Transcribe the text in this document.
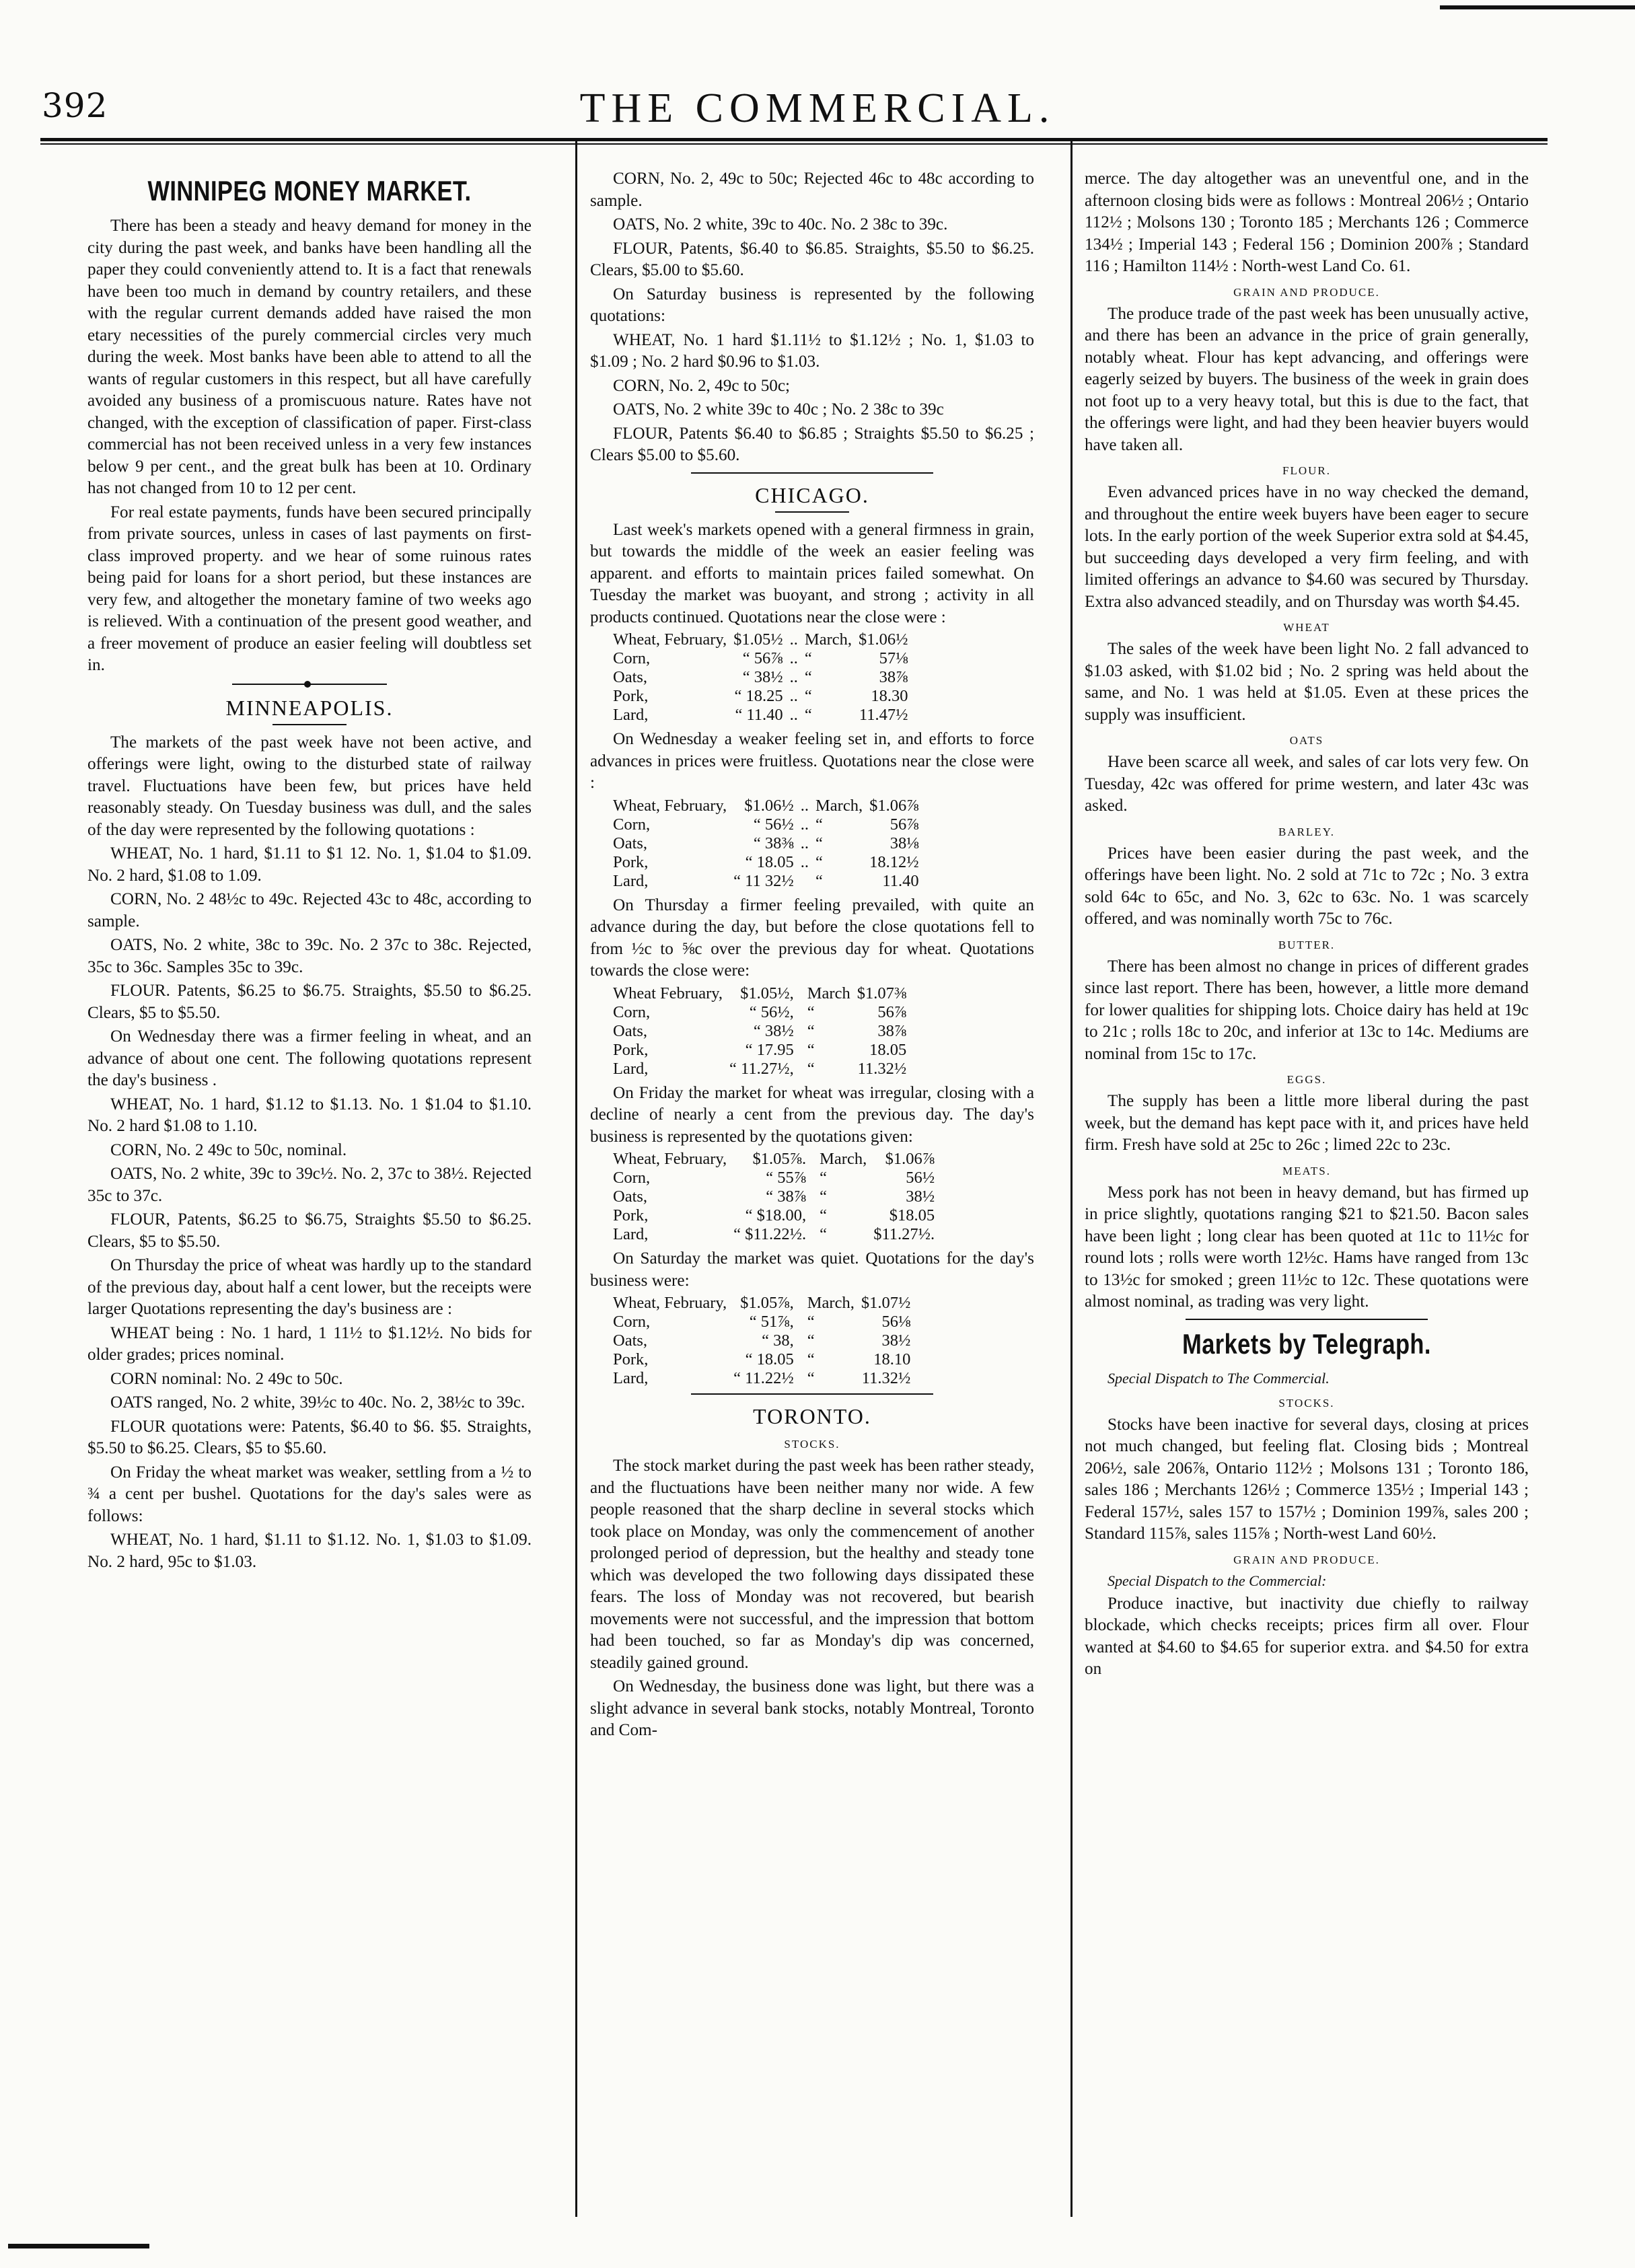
392	THE COMMERCIAL.
WINNIPEG MONEY MARKET.

There has been a steady and heavy demand for money in the city during the past week, and banks have been handling all the paper they could conveniently attend to. It is a fact that renewals have been too much in demand by country retailers, and these with the regular current demands added have raised the mon etary necessities of the purely commercial circles very much during the week. Most banks have been able to attend to all the wants of regular customers in this respect, but all have carefully avoided any business of a promiscuous nature. Rates have not changed, with the exception of classification of paper. First-class commercial has not been received unless in a very few instances below 9 per cent., and the great bulk has been at 10. Ordinary has not changed from 10 to 12 per cent.

For real estate payments, funds have been secured principally from private sources, unless in cases of last payments on first-class improved property. and we hear of some ruinous rates being paid for loans for a short period, but these instances are very few, and altogether the monetary famine of two weeks ago is relieved. With a continuation of the present good weather, and a freer movement of produce an easier feeling will doubtless set in.

MINNEAPOLIS.

The markets of the past week have not been active, and offerings were light, owing to the disturbed state of railway travel. Fluctuations have been few, but prices have held reasonably steady. On Tuesday business was dull, and the sales of the day were represented by the following quotations :

WHEAT, No. 1 hard, $1.11 to $1 12. No. 1, $1.04 to $1.09. No. 2 hard, $1.08 to 1.09.

CORN, No. 2 48½c to 49c. Rejected 43c to 48c, according to sample.

OATS, No. 2 white, 38c to 39c. No. 2 37c to 38c. Rejected, 35c to 36c. Samples 35c to 39c.

FLOUR. Patents, $6.25 to $6.75. Straights, $5.50 to $6.25. Clears, $5 to $5.50.

On Wednesday there was a firmer feeling in wheat, and an advance of about one cent. The following quotations represent the day's business .

WHEAT, No. 1 hard, $1.12 to $1.13. No. 1 $1.04 to $1.10. No. 2 hard $1.08 to 1.10.

CORN, No. 2 49c to 50c, nominal.

OATS, No. 2 white, 39c to 39c½. No. 2, 37c to 38½. Rejected 35c to 37c.

FLOUR, Patents, $6.25 to $6.75, Straights $5.50 to $6.25. Clears, $5 to $5.50.

On Thursday the price of wheat was hardly up to the standard of the previous day, about half a cent lower, but the receipts were larger Quotations representing the day's business are :

WHEAT being : No. 1 hard, 1 11½ to $1.12½. No bids for older grades; prices nominal.

CORN nominal: No. 2 49c to 50c.

OATS ranged, No. 2 white, 39½c to 40c. No. 2, 38½c to 39c.

FLOUR quotations were: Patents, $6.40 to $6. $5. Straights, $5.50 to $6.25. Clears, $5 to $5.60.

On Friday the wheat market was weaker, settling from a ½ to ¾ a cent per bushel. Quotations for the day's sales were as follows:

WHEAT, No. 1 hard, $1.11 to $1.12. No. 1, $1.03 to $1.09. No. 2 hard, 95c to $1.03.

CORN, No. 2, 49c to 50c; Rejected 46c to 48c according to sample.

OATS, No. 2 white, 39c to 40c. No. 2 38c to 39c.

FLOUR, Patents, $6.40 to $6.85. Straights, $5.50 to $6.25. Clears, $5.00 to $5.60.

On Saturday business is represented by the following quotations:

WHEAT, No. 1 hard $1.11½ to $1.12½ ; No. 1, $1.03 to $1.09 ; No. 2 hard $0.96 to $1.03.

CORN, No. 2, 49c to 50c;

OATS, No. 2 white 39c to 40c ; No. 2 38c to 39c

FLOUR, Patents $6.40 to $6.85 ; Straights $5.50 to $6.25 ; Clears $5.00 to $5.60.

CHICAGO.

Last week's markets opened with a general firmness in grain, but towards the middle of the week an easier feeling was apparent. and efforts to maintain prices failed somewhat. On Tuesday the market was buoyant, and strong ; activity in all products continued. Quotations near the close were :

Wheat, February,	$1.05½	..	March,	$1.06½
Corn,	“ 56⅞	..	“	57⅛
Oats,	“ 38½	..	“	38⅞
Pork,	“ 18.25	..	“	18.30
Lard,	“ 11.40	..	“	11.47½

On Wednesday a weaker feeling set in, and efforts to force advances in prices were fruitless. Quotations near the close were :

Wheat, February,	$1.06½	..	March,	$1.06⅞
Corn,	“ 56½	..	“	56⅞
Oats,	“ 38⅜	..	“	38⅛
Pork,	“ 18.05	..	“	18.12½
Lard,	“ 11 32½		“	11.40

On Thursday a firmer feeling prevailed, with quite an advance during the day, but before the close quotations fell to from ½c to ⅝c over the previous day for wheat. Quotations towards the close were:

Wheat February,	$1.05½,		March	$1.07⅜
Corn,	“ 56½,		“	56⅞
Oats,	“ 38½		“	38⅞
Pork,	“ 17.95		“	18.05
Lard,	“ 11.27½,		“	11.32½

On Friday the market for wheat was irregular, closing with a decline of nearly a cent from the previous day. The day's business is represented by the quotations given:

Wheat, February,	$1.05⅞.		March,	$1.06⅞
Corn,	“ 55⅞		“	56½
Oats,	“ 38⅞		“	38½
Pork,	“ $18.00,		“	$18.05
Lard,	“ $11.22½.		“	$11.27½.

On Saturday the market was quiet. Quotations for the day's business were:

Wheat, February,	$1.05⅞,		March,	$1.07½
Corn,	“ 51⅞,		“	56⅛
Oats,	“ 38,		“	38½
Pork,	“ 18.05		“	18.10
Lard,	“ 11.22½		“	11.32½
TORONTO.
STOCKS.

The stock market during the past week has been rather steady, and the fluctuations have been neither many nor wide. A few people reasoned that the sharp decline in several stocks which took place on Monday, was only the commencement of another prolonged period of depression, but the healthy and steady tone which was developed the two following days dissipated these fears. The loss of Monday was not recovered, but bearish movements were not successful, and the impression that bottom had been touched, so far as Monday's dip was concerned, steadily gained ground.

On Wednesday, the business done was light, but there was a slight advance in several bank stocks, notably Montreal, Toronto and Com-

merce. The day altogether was an uneventful one, and in the afternoon closing bids were as follows : Montreal 206½ ; Ontario 112½ ; Molsons 130 ; Toronto 185 ; Merchants 126 ; Commerce 134½ ; Imperial 143 ; Federal 156 ; Dominion 200⅞ ; Standard 116 ; Hamilton 114½ : North-west Land Co. 61.

GRAIN AND PRODUCE.

The produce trade of the past week has been unusually active, and there has been an advance in the price of grain generally, notably wheat. Flour has kept advancing, and offerings were eagerly seized by buyers. The business of the week in grain does not foot up to a very heavy total, but this is due to the fact, that the offerings were light, and had they been heavier buyers would have taken all.

FLOUR.

Even advanced prices have in no way checked the demand, and throughout the entire week buyers have been eager to secure lots. In the early portion of the week Superior extra sold at $4.45, but succeeding days developed a very firm feeling, and with limited offerings an advance to $4.60 was secured by Thursday. Extra also advanced steadily, and on Thursday was worth $4.45.

WHEAT

The sales of the week have been light No. 2 fall advanced to $1.03 asked, with $1.02 bid ; No. 2 spring was held about the same, and No. 1 was held at $1.05. Even at these prices the supply was insufficient.

OATS

Have been scarce all week, and sales of car lots very few. On Tuesday, 42c was offered for prime western, and later 43c was asked.

BARLEY.

Prices have been easier during the past week, and the offerings have been light. No. 2 sold at 71c to 72c ; No. 3 extra sold 64c to 65c, and No. 3, 62c to 63c. No. 1 was scarcely offered, and was nominally worth 75c to 76c.

BUTTER.

There has been almost no change in prices of different grades since last report. There has been, however, a little more demand for lower qualities for shipping lots. Choice dairy has held at 19c to 21c ; rolls 18c to 20c, and inferior at 13c to 14c. Mediums are nominal from 15c to 17c.

EGGS.

The supply has been a little more liberal during the past week, but the demand has kept pace with it, and prices have held firm. Fresh have sold at 25c to 26c ; limed 22c to 23c.

MEATS.

Mess pork has not been in heavy demand, but has firmed up in price slightly, quotations ranging $21 to $21.50. Bacon sales have been light ; long clear has been quoted at 11c to 11½c for round lots ; rolls were worth 12½c. Hams have ranged from 13c to 13½c for smoked ; green 11½c to 12c. These quotations were almost nominal, as trading was very light.

Markets by Telegraph.

Special Dispatch to The Commercial.

STOCKS.

Stocks have been inactive for several days, closing at prices not much changed, but feeling flat. Closing bids ; Montreal 206½, sale 206⅞, Ontario 112½ ; Molsons 131 ; Toronto 186, sales 186 ; Merchants 126½ ; Commerce 135½ ; Imperial 143 ; Federal 157½, sales 157 to 157½ ; Dominion 199⅞, sales 200 ; Standard 115⅞, sales 115⅞ ; North-west Land 60½.

GRAIN AND PRODUCE.

Special Dispatch to the Commercial:

Produce inactive, but inactivity due chiefly to railway blockade, which checks receipts; prices firm all over. Flour wanted at $4.60 to $4.65 for superior extra. and $4.50 for extra on
